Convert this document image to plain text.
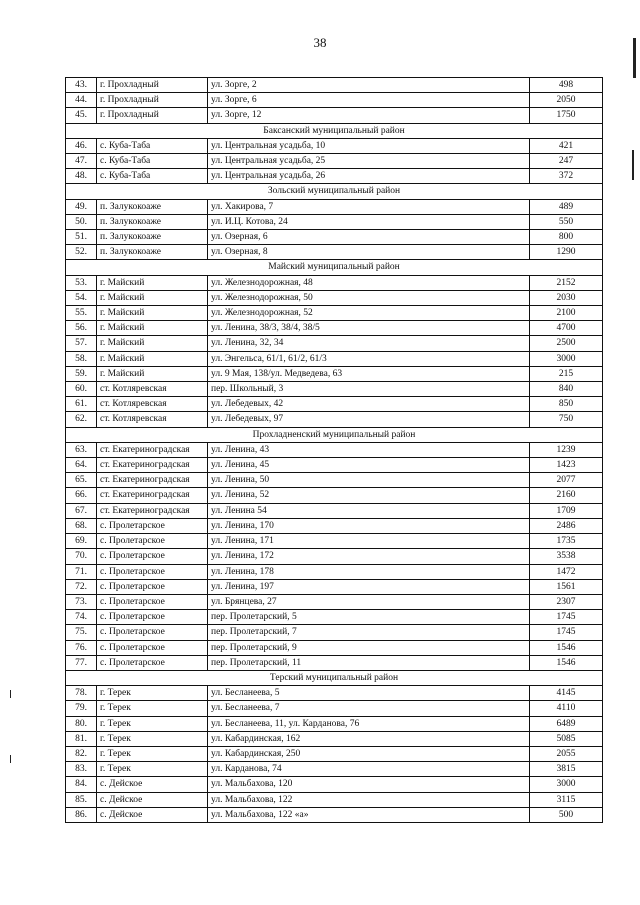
38
43.	г. Прохладный	ул. Зорге, 2	498
44.	г. Прохладный	ул. Зорге, 6	2050
45.	г. Прохладный	ул. Зорге, 12	1750
Баксанский муниципальный район			
46.	с. Куба-Таба	ул. Центральная усадьба, 10	421
47.	с. Куба-Таба	ул. Центральная усадьба, 25	247
48.	с. Куба-Таба	ул. Центральная усадьба, 26	372
Зольский муниципальный район			
49.	п. Залукокоаже	ул. Хакирова, 7	489
50.	п. Залукокоаже	ул. И.Ц. Котова, 24	550
51.	п. Залукокоаже	ул. Озерная, 6	800
52.	п. Залукокоаже	ул. Озерная, 8	1290
Майский муниципальный район			
53.	г. Майский	ул. Железнодорожная, 48	2152
54.	г. Майский	ул. Железнодорожная, 50	2030
55.	г. Майский	ул. Железнодорожная, 52	2100
56.	г. Майский	ул. Ленина, 38/3, 38/4, 38/5	4700
57.	г. Майский	ул. Ленина, 32, 34	2500
58.	г. Майский	ул. Энгельса, 61/1, 61/2, 61/3	3000
59.	г. Майский	ул. 9 Мая, 138/ул. Медведева, 63	215
60.	ст. Котляревская	пер. Школьный, 3	840
61.	ст. Котляревская	ул. Лебедевых, 42	850
62.	ст. Котляревская	ул. Лебедевых, 97	750
Прохладненский муниципальный район			
63.	ст. Екатериноградская	ул. Ленина, 43	1239
64.	ст. Екатериноградская	ул. Ленина, 45	1423
65.	ст. Екатериноградская	ул. Ленина, 50	2077
66.	ст. Екатериноградская	ул. Ленина, 52	2160
67.	ст. Екатериноградская	ул. Ленина 54	1709
68.	с. Пролетарское	ул. Ленина, 170	2486
69.	с. Пролетарское	ул. Ленина, 171	1735
70.	с. Пролетарское	ул. Ленина, 172	3538
71.	с. Пролетарское	ул. Ленина, 178	1472
72.	с. Пролетарское	ул. Ленина, 197	1561
73.	с. Пролетарское	ул. Брянцева, 27	2307
74.	с. Пролетарское	пер. Пролетарский, 5	1745
75.	с. Пролетарское	пер. Пролетарский, 7	1745
76.	с. Пролетарское	пер. Пролетарский, 9	1546
77.	с. Пролетарское	пер. Пролетарский, 11	1546
Терский муниципальный район			
78.	г. Терек	ул. Бесланеева, 5	4145
79.	г. Терек	ул. Бесланеева, 7	4110
80.	г. Терек	ул. Бесланеева, 11, ул. Карданова, 76	6489
81.	г. Терек	ул. Кабардинская, 162	5085
82.	г. Терек	ул. Кабардинская, 250	2055
83.	г. Терек	ул. Карданова, 74	3815
84.	с. Дейское	ул. Мальбахова, 120	3000
85.	с. Дейское	ул. Мальбахова, 122	3115
86.	с. Дейское	ул. Мальбахова, 122 «а»	500
